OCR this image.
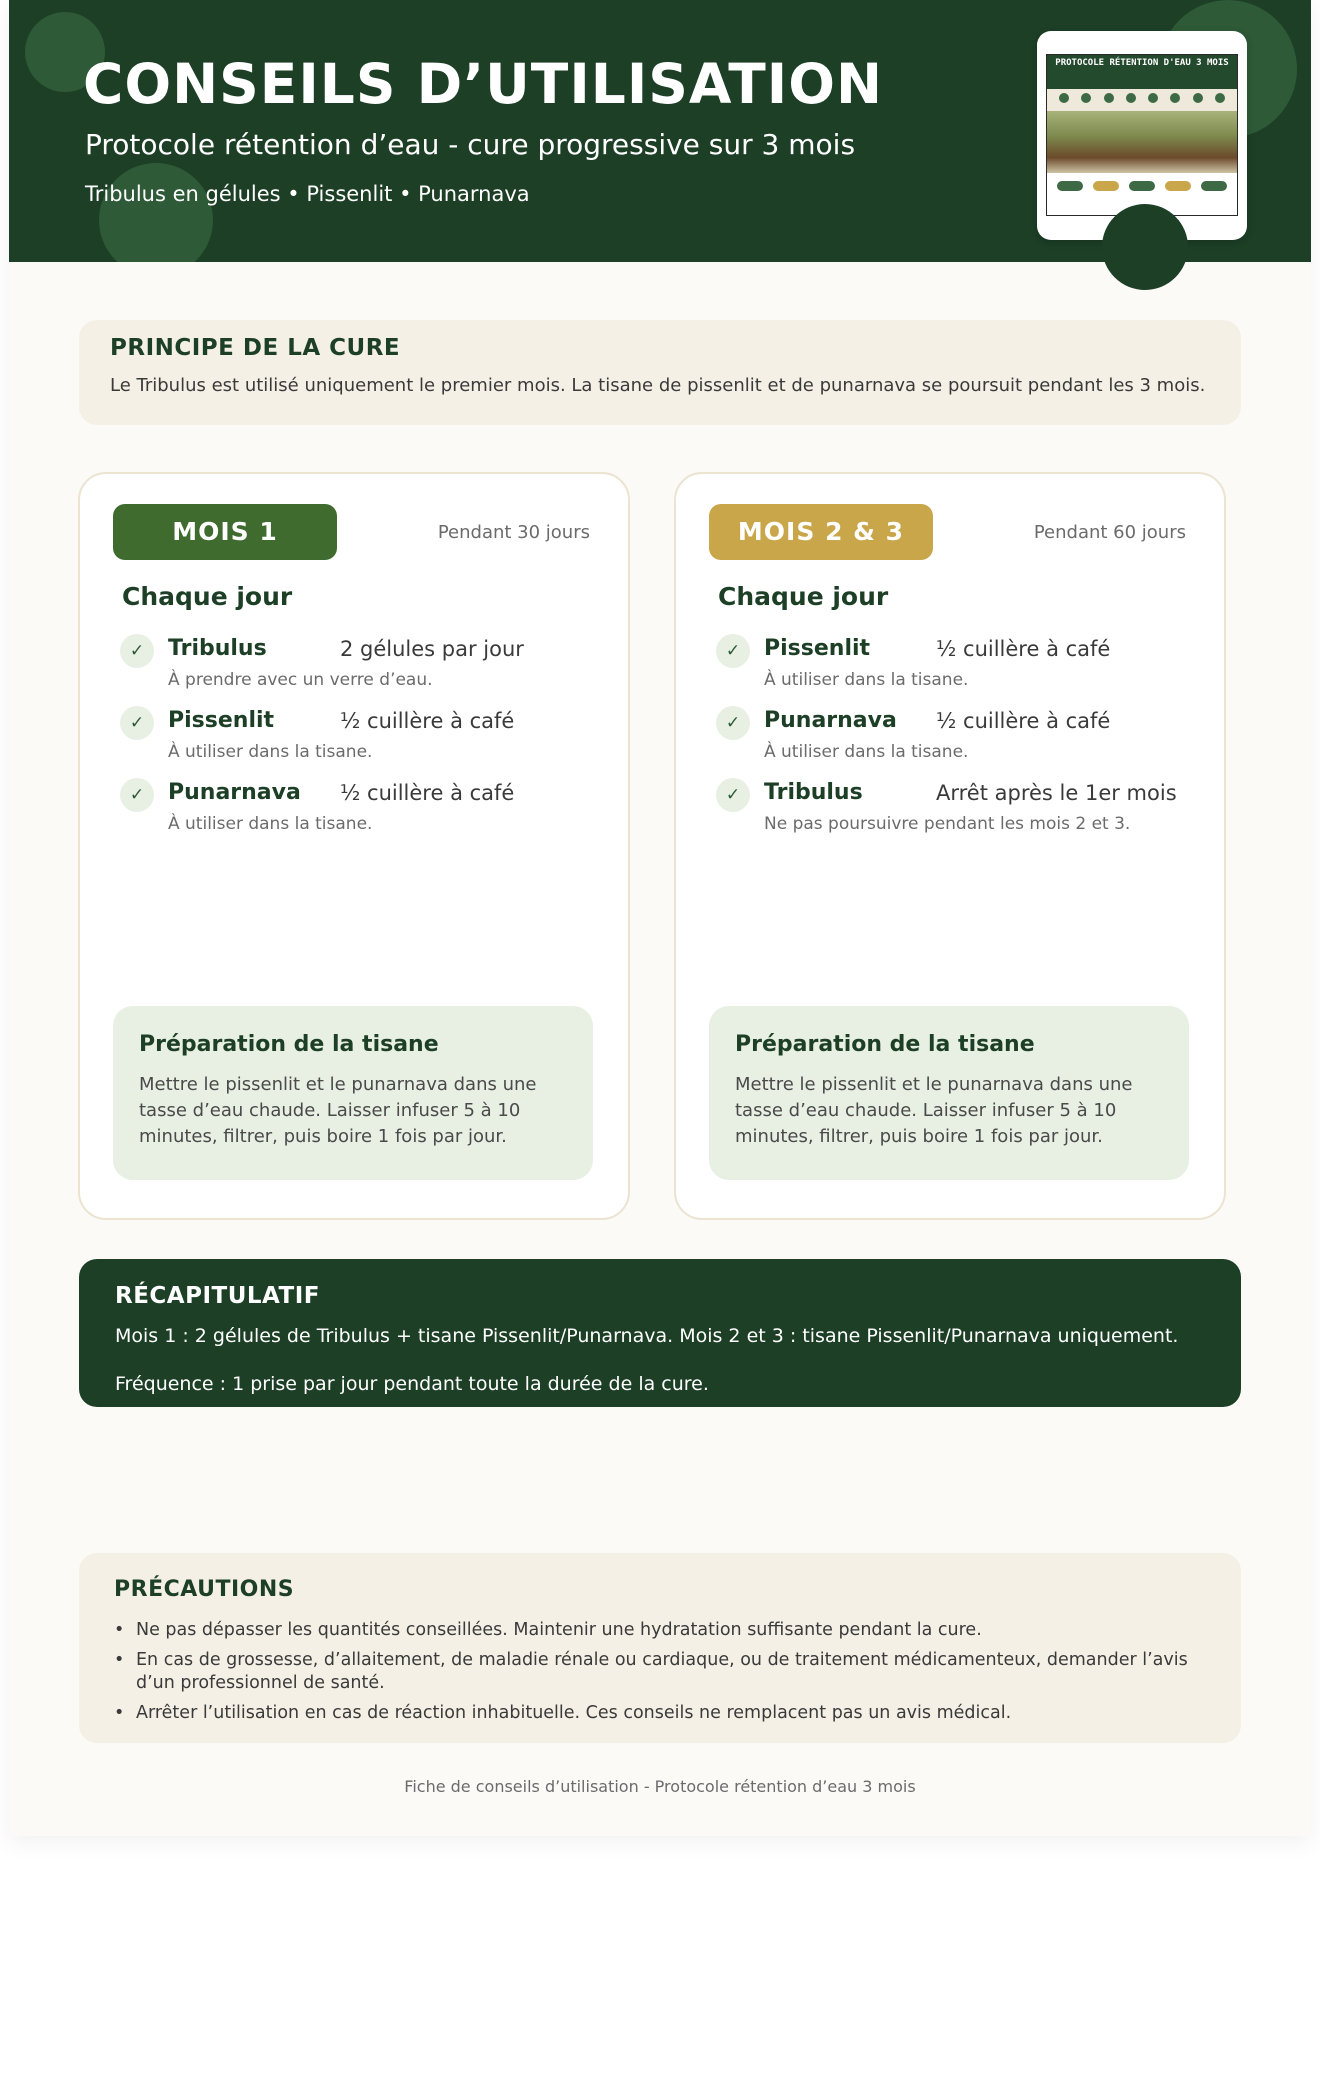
CONSEILS D’UTILISATION
Protocole rétention d’eau - cure progressive sur 3 mois
Tribulus en gélules • Pissenlit • Punarnava
PROTOCOLE RÉTENTION D'EAU 3 MOIS
PRINCIPE DE LA CURE
Le Tribulus est utilisé uniquement le premier mois. La tisane de pissenlit et de punarnava se poursuit pendant les 3 mois.
MOIS 1	Pendant 30 jours
Chaque jour
✓	Tribulus	2 gélules par jour
À prendre avec un verre d’eau.
✓	Pissenlit	½ cuillère à café
À utiliser dans la tisane.
✓	Punarnava ½ cuillère à café
À utiliser dans la tisane.
Préparation de la tisane
Mettre le pissenlit et le punarnava dans une tasse d’eau chaude. Laisser infuser 5 à 10 minutes, filtrer, puis boire 1 fois par jour.
MOIS 2 & 3	Pendant 60 jours
Chaque jour
✓	Pissenlit	½ cuillère à café
À utiliser dans la tisane.
✓	Punarnava ½ cuillère à café
À utiliser dans la tisane.
✓	Tribulus	Arrêt après le 1er mois
Ne pas poursuivre pendant les mois 2 et 3.
Préparation de la tisane
Mettre le pissenlit et le punarnava dans une tasse d’eau chaude. Laisser infuser 5 à 10 minutes, filtrer, puis boire 1 fois par jour.
RÉCAPITULATIF
Mois 1 : 2 gélules de Tribulus + tisane Pissenlit/Punarnava. Mois 2 et 3 : tisane Pissenlit/Punarnava uniquement.
Fréquence : 1 prise par jour pendant toute la durée de la cure.
PRÉCAUTIONS
• Ne pas dépasser les quantités conseillées. Maintenir une hydratation suffisante pendant la cure.
• En cas de grossesse, d’allaitement, de maladie rénale ou cardiaque, ou de traitement médicamenteux, demander l’avis d’un professionnel de santé.
• Arrêter l’utilisation en cas de réaction inhabituelle. Ces conseils ne remplacent pas un avis médical.
Fiche de conseils d’utilisation - Protocole rétention d’eau 3 mois
